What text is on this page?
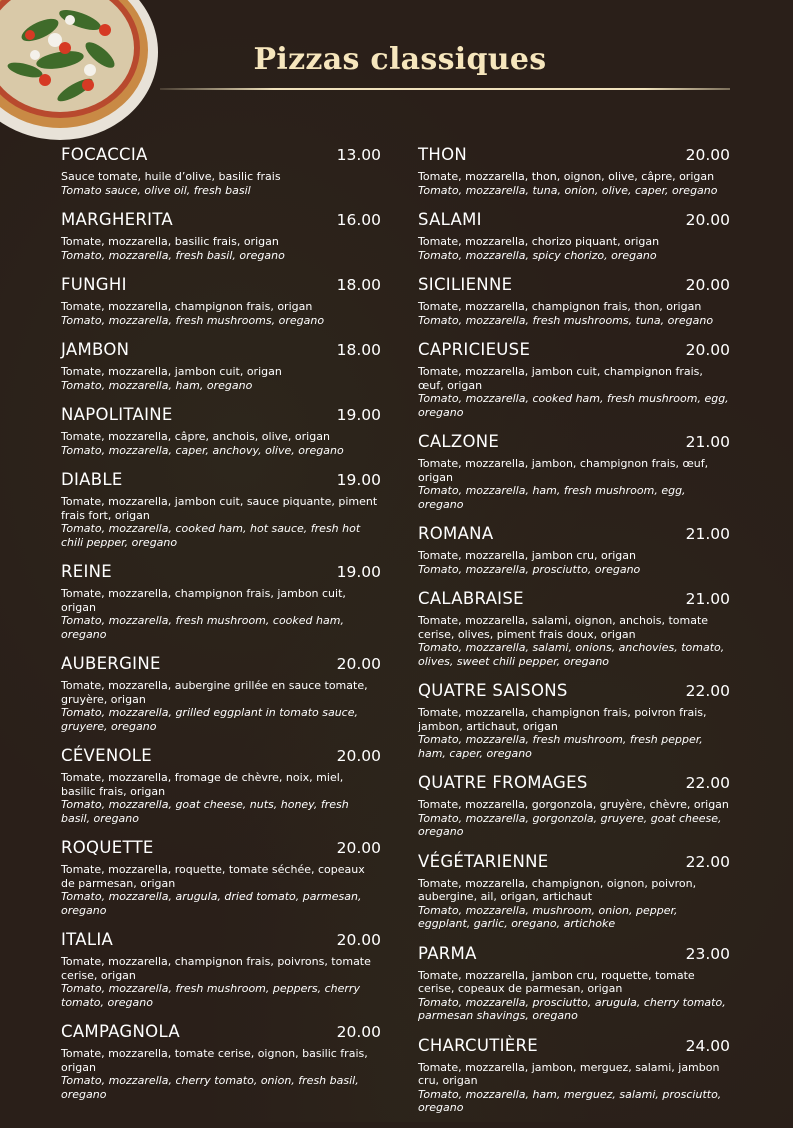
Pizzas classiques
FOCACCIA	13.00
Sauce tomate, huile d’olive, basilic frais
Tomato sauce, olive oil, fresh basil
MARGHERITA	16.00
Tomate, mozzarella, basilic frais, origan
Tomato, mozzarella, fresh basil, oregano
FUNGHI	18.00
Tomate, mozzarella, champignon frais, origan
Tomato, mozzarella, fresh mushrooms, oregano
JAMBON	18.00
Tomate, mozzarella, jambon cuit, origan
Tomato, mozzarella, ham, oregano
NAPOLITAINE	19.00
Tomate, mozzarella, câpre, anchois, olive, origan
Tomato, mozzarella, caper, anchovy, olive, oregano
DIABLE	19.00
Tomate, mozzarella, jambon cuit, sauce piquante, piment frais fort, origan
Tomato, mozzarella, cooked ham, hot sauce, fresh hot chili pepper, oregano
REINE	19.00
Tomate, mozzarella, champignon frais, jambon cuit, origan
Tomato, mozzarella, fresh mushroom, cooked ham, oregano
AUBERGINE	20.00
Tomate, mozzarella, aubergine grillée en sauce tomate, gruyère, origan
Tomato, mozzarella, grilled eggplant in tomato sauce, gruyere, oregano
CÉVENOLE	20.00
Tomate, mozzarella, fromage de chèvre, noix, miel, basilic frais, origan
Tomato, mozzarella, goat cheese, nuts, honey, fresh basil, oregano
ROQUETTE	20.00
Tomate, mozzarella, roquette, tomate séchée, copeaux de parmesan, origan
Tomato, mozzarella, arugula, dried tomato, parmesan, oregano
ITALIA	20.00
Tomate, mozzarella, champignon frais, poivrons, tomate cerise, origan
Tomato, mozzarella, fresh mushroom, peppers, cherry tomato, oregano
CAMPAGNOLA	20.00
Tomate, mozzarella, tomate cerise, oignon, basilic frais, origan
Tomato, mozzarella, cherry tomato, onion, fresh basil, oregano
THON	20.00
Tomate, mozzarella, thon, oignon, olive, câpre, origan
Tomato, mozzarella, tuna, onion, olive, caper, oregano
SALAMI	20.00
Tomate, mozzarella, chorizo piquant, origan
Tomato, mozzarella, spicy chorizo, oregano
SICILIENNE	20.00
Tomate, mozzarella, champignon frais, thon, origan
Tomato, mozzarella, fresh mushrooms, tuna, oregano
CAPRICIEUSE	20.00
Tomate, mozzarella, jambon cuit, champignon frais, œuf, origan
Tomato, mozzarella, cooked ham, fresh mushroom, egg, oregano
CALZONE	21.00
Tomate, mozzarella, jambon, champignon frais, œuf, origan
Tomato, mozzarella, ham, fresh mushroom, egg, oregano
ROMANA	21.00
Tomate, mozzarella, jambon cru, origan
Tomato, mozzarella, prosciutto, oregano
CALABRAISE	21.00
Tomate, mozzarella, salami, oignon, anchois, tomate cerise, olives, piment frais doux, origan
Tomato, mozzarella, salami, onions, anchovies, tomato, olives, sweet chili pepper, oregano
QUATRE SAISONS	22.00
Tomate, mozzarella, champignon frais, poivron frais, jambon, artichaut, origan
Tomato, mozzarella, fresh mushroom, fresh pepper, ham, caper, oregano
QUATRE FROMAGES	22.00
Tomate, mozzarella, gorgonzola, gruyère, chèvre, origan
Tomato, mozzarella, gorgonzola, gruyere, goat cheese, oregano
VÉGÉTARIENNE	22.00
Tomate, mozzarella, champignon, oignon, poivron, aubergine, ail, origan, artichaut
Tomato, mozzarella, mushroom, onion, pepper, eggplant, garlic, oregano, artichoke
PARMA	23.00
Tomate, mozzarella, jambon cru, roquette, tomate cerise, copeaux de parmesan, origan
Tomato, mozzarella, prosciutto, arugula, cherry tomato, parmesan shavings, oregano
CHARCUTIÈRE	24.00
Tomate, mozzarella, jambon, merguez, salami, jambon cru, origan
Tomato, mozzarella, ham, merguez, salami, prosciutto, oregano
